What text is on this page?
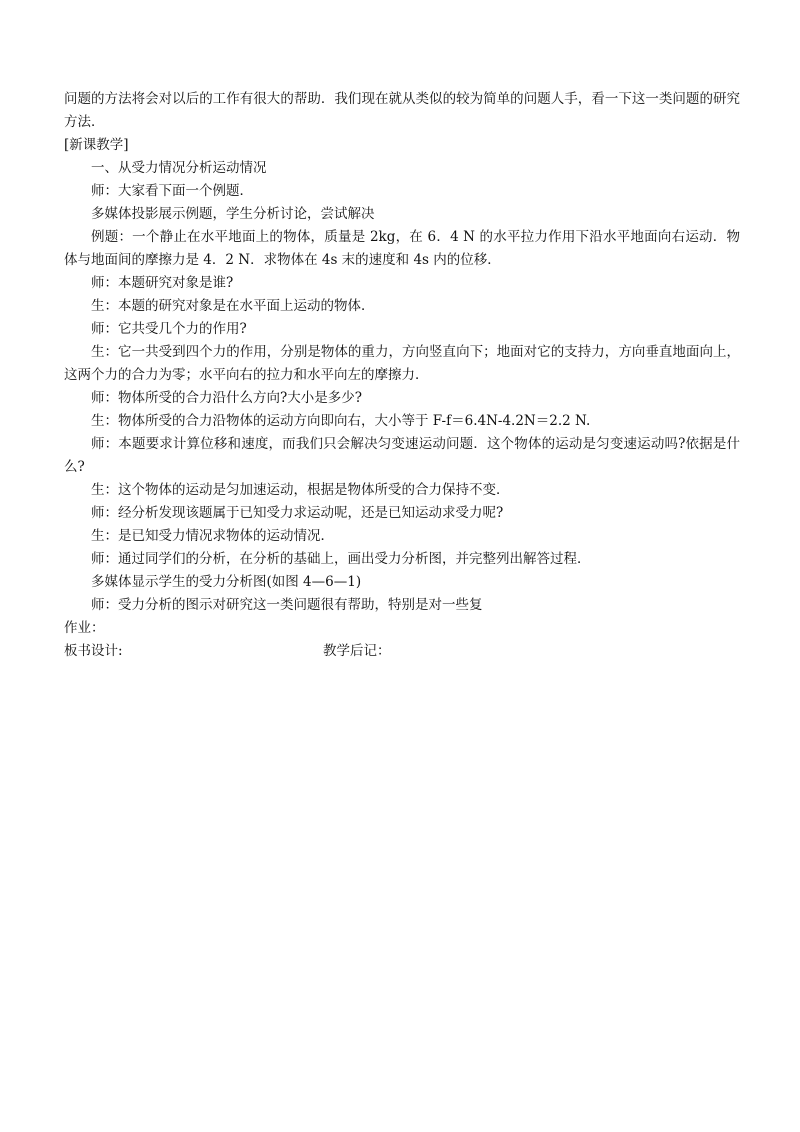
问题的方法将会对以后的工作有很大的帮助．我们现在就从类似的较为简单的问题人手，看一下这一类问题的研究方法．

[新课教学]

一、从受力情况分析运动情况

师：大家看下面一个例题．

多媒体投影展示例题，学生分析讨论，尝试解决

例题：一个静止在水平地面上的物体，质量是 2kg，在 6．4 N 的水平拉力作用下沿水平地面向右运动．物体与地面间的摩擦力是 4．2 N．求物体在 4s 末的速度和 4s 内的位移．

师：本题研究对象是谁?

生：本题的研究对象是在水平面上运动的物体．

师：它共受几个力的作用?

生：它一共受到四个力的作用，分别是物体的重力，方向竖直向下；地面对它的支持力，方向垂直地面向上，这两个力的合力为零；水平向右的拉力和水平向左的摩擦力．

师：物体所受的合力沿什么方向?大小是多少?

生：物体所受的合力沿物体的运动方向即向右，大小等于 F-f＝6.4N-4.2N＝2.2 N.

师：本题要求计算位移和速度，而我们只会解决匀变速运动问题．这个物体的运动是匀变速运动吗?依据是什么?

生：这个物体的运动是匀加速运动，根据是物体所受的合力保持不变．

师：经分析发现该题属于已知受力求运动呢，还是已知运动求受力呢?

生：是已知受力情况求物体的运动情况．

师：通过同学们的分析，在分析的基础上，画出受力分析图，并完整列出解答过程．

多媒体显示学生的受力分析图(如图 4—6—1)

师：受力分析的图示对研究这一类问题很有帮助，特别是对一些复

作业：

板书设计:	教学后记：
